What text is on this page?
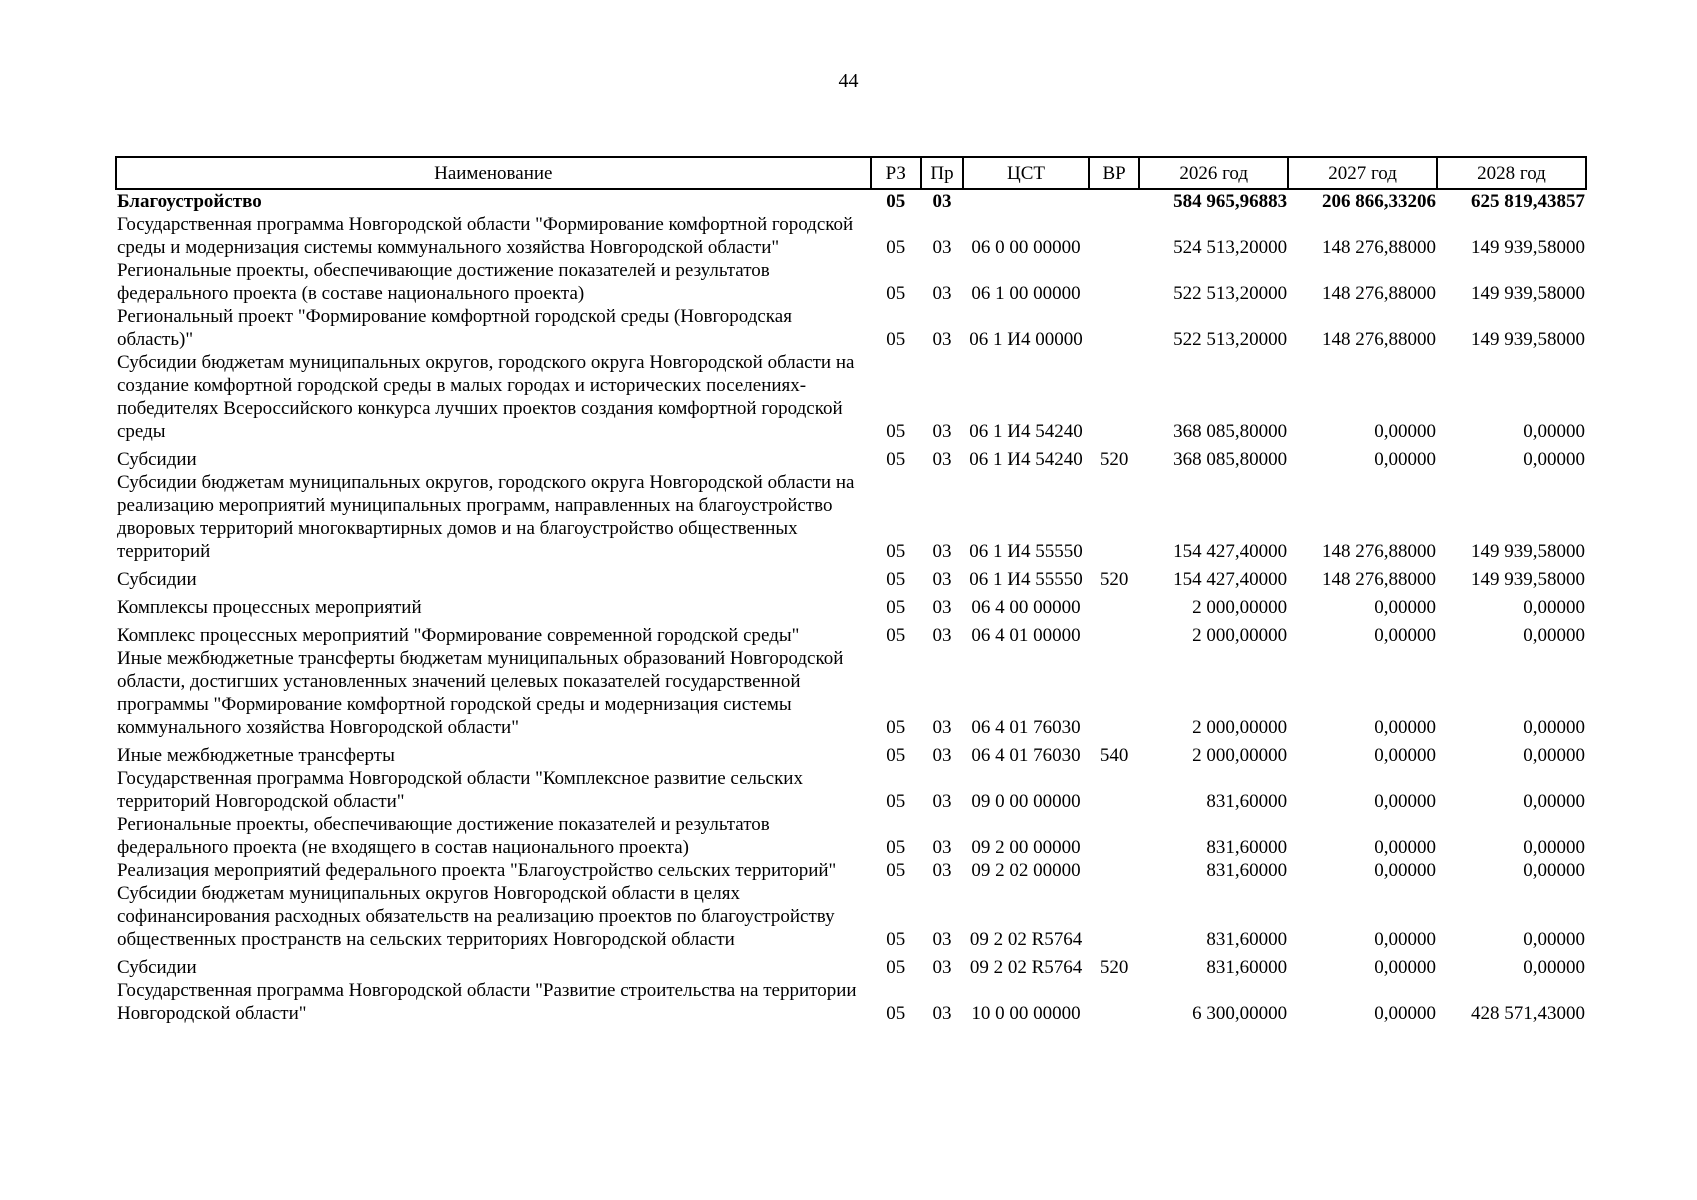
44
Наименование	РЗ	Пр	ЦСТ	ВР	2026 год	2027 год	2028 год
Благоустройство	05	03			584 965,96883	206 866,33206	625 819,43857
Государственная программа Новгородской области "Формирование комфортной городской среды и модернизация системы коммунального хозяйства Новгородской области"	05	03	06 0 00 00000		524 513,20000	148 276,88000	149 939,58000
Региональные проекты, обеспечивающие достижение показателей и результатов федерального проекта (в составе национального проекта)	05	03	06 1 00 00000		522 513,20000	148 276,88000	149 939,58000
Региональный проект "Формирование комфортной городской среды (Новгородская область)"	05	03	06 1 И4 00000		522 513,20000	148 276,88000	149 939,58000
Субсидии бюджетам муниципальных округов, городского округа Новгородской области на создание комфортной городской среды в малых городах и исторических поселениях-победителях Всероссийского конкурса лучших проектов создания комфортной городской среды	05	03	06 1 И4 54240		368 085,80000	0,00000	0,00000
Субсидии	05	03	06 1 И4 54240	520	368 085,80000	0,00000	0,00000
Субсидии бюджетам муниципальных округов, городского округа Новгородской области на реализацию мероприятий муниципальных программ, направленных на благоустройство дворовых территорий многоквартирных домов и на благоустройство общественных территорий	05	03	06 1 И4 55550		154 427,40000	148 276,88000	149 939,58000
Субсидии	05	03	06 1 И4 55550	520	154 427,40000	148 276,88000	149 939,58000
Комплексы процессных мероприятий	05	03	06 4 00 00000		2 000,00000	0,00000	0,00000
Комплекс процессных мероприятий "Формирование современной городской среды"	05	03	06 4 01 00000		2 000,00000	0,00000	0,00000
Иные межбюджетные трансферты бюджетам муниципальных образований Новгородской области, достигших установленных значений целевых показателей государственной программы "Формирование комфортной городской среды и модернизация системы коммунального хозяйства Новгородской области"	05	03	06 4 01 76030		2 000,00000	0,00000	0,00000
Иные межбюджетные трансферты	05	03	06 4 01 76030	540	2 000,00000	0,00000	0,00000
Государственная программа Новгородской области "Комплексное развитие сельских территорий Новгородской области"	05	03	09 0 00 00000		831,60000	0,00000	0,00000
Региональные проекты, обеспечивающие достижение показателей и результатов федерального проекта (не входящего в состав национального проекта)	05	03	09 2 00 00000		831,60000	0,00000	0,00000
Реализация мероприятий федерального проекта "Благоустройство сельских территорий"	05	03	09 2 02 00000		831,60000	0,00000	0,00000
Субсидии бюджетам муниципальных округов Новгородской области в целях софинансирования расходных обязательств на реализацию проектов по благоустройству общественных пространств на сельских территориях Новгородской области	05	03	09 2 02 R5764		831,60000	0,00000	0,00000
Субсидии	05	03	09 2 02 R5764	520	831,60000	0,00000	0,00000
Государственная программа Новгородской области "Развитие строительства на территории Новгородской области"	05	03	10 0 00 00000		6 300,00000	0,00000	428 571,43000
